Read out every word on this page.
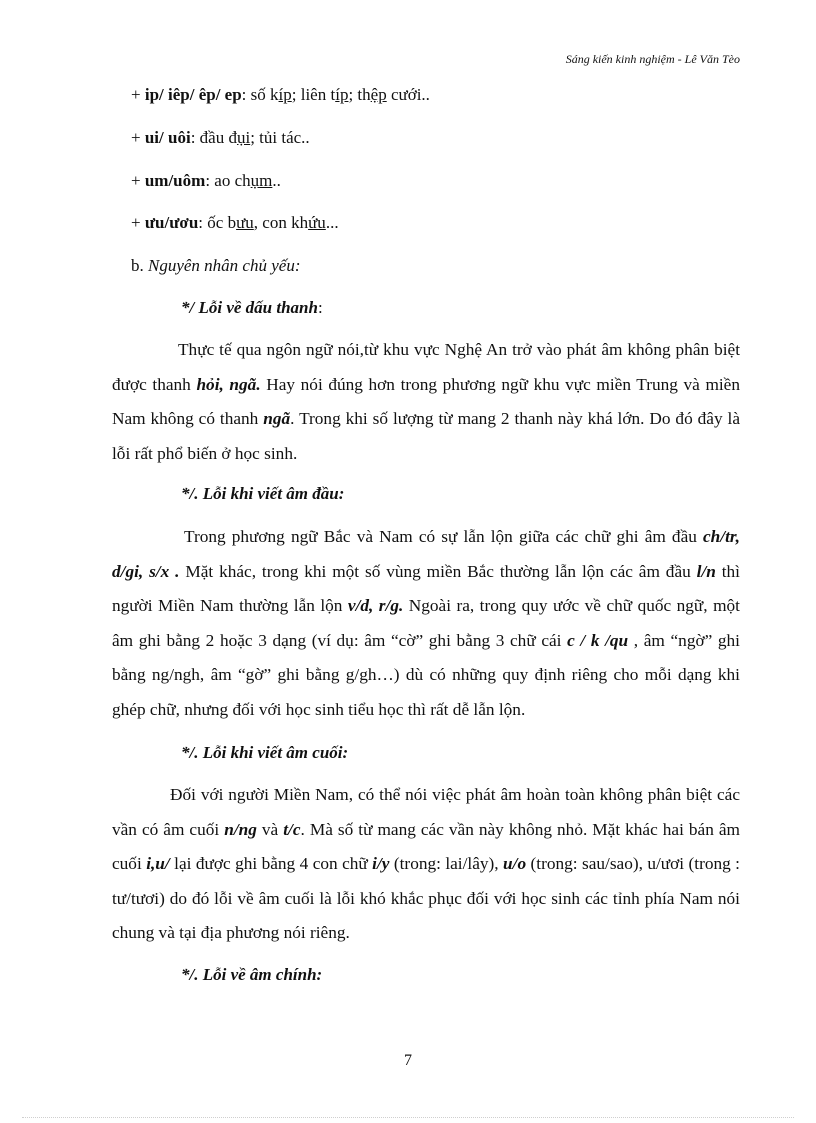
Sáng kiến kinh nghiệm - Lê Văn Tèo
+ ip/ iêp/ êp/ ep: số kíp; liên típ; thệp cưới..
+ ui/ uôi: đầu đụi; tủi tác..
+ um/uôm: ao chụm..
+ ưu/ươu: ốc bưu, con khứu...
b. Nguyên nhân chủ yếu:
*/ Lỗi về dấu thanh:
Thực tế qua ngôn ngữ nói,từ khu vực Nghệ An trở vào phát âm không phân biệt được thanh hỏi, ngã. Hay nói đúng hơn trong phương ngữ khu vực miền Trung và miền Nam không có thanh ngã. Trong khi số lượng từ mang 2 thanh này khá lớn. Do đó đây là lỗi rất phổ biến ở học sinh.
*/. Lỗi khi viết âm đầu:
Trong phương ngữ Bắc và Nam có sự lẫn lộn giữa các chữ ghi âm đầu ch/tr, d/gi, s/x . Mặt khác, trong khi một số vùng miền Bắc thường lẫn lộn các âm đầu l/n thì người Miền Nam thường lẫn lộn v/d, r/g. Ngoài ra, trong quy ước về chữ quốc ngữ, một âm ghi bằng 2 hoặc 3 dạng (ví dụ: âm “cờ” ghi bằng 3 chữ cái c / k /qu , âm “ngờ” ghi bằng ng/ngh, âm “gờ” ghi bằng g/gh…) dù có những quy định riêng cho mỗi dạng khi ghép chữ, nhưng đối với học sinh tiểu học thì rất dễ lẫn lộn.
*/. Lỗi khi viết âm cuối:
Đối với người Miền Nam, có thể nói việc phát âm hoàn toàn không phân biệt các vần có âm cuối n/ng và t/c. Mà số từ mang các vần này không nhỏ. Mặt khác hai bán âm cuối i,u/ lại được ghi bằng 4 con chữ i/y (trong: lai/lây), u/o (trong: sau/sao), u/ươi (trong : tư/tươi) do đó lỗi về âm cuối là lỗi khó khắc phục đối với học sinh các tỉnh phía Nam nói chung và tại địa phương nói riêng.
*/. Lỗi về âm chính:
7
